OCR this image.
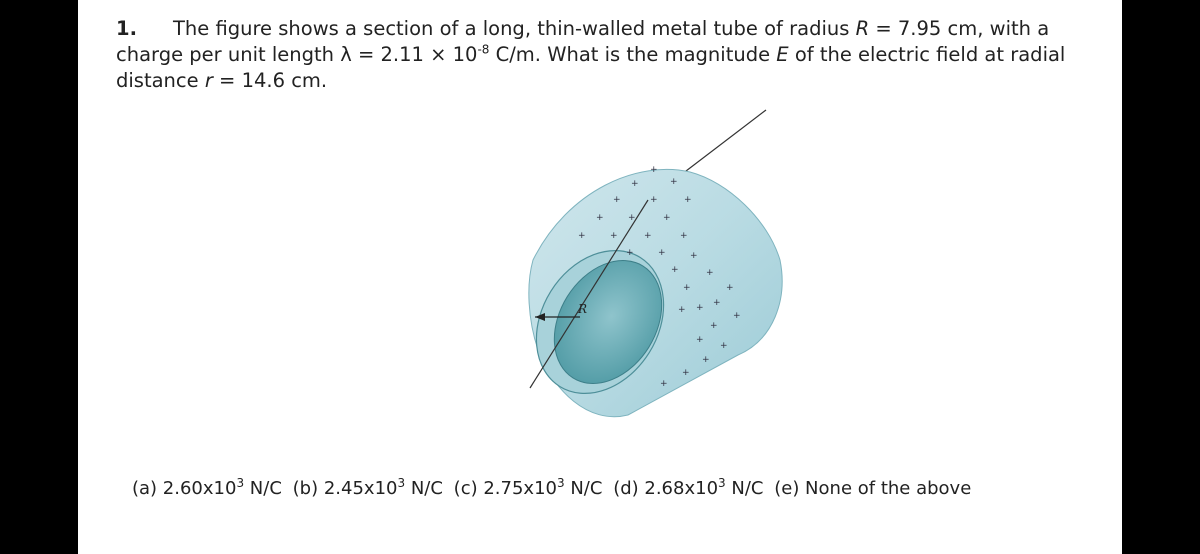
1. The figure shows a section of a long, thin-walled metal tube of radius R = 7.95 cm, with a charge per unit length $\lambda = 2.11 \times 10^{-8}$ C/m. What is the magnitude E of the electric field at radial distance r = 14.6 cm.
R
+
+
+
+	+	+
+	+	+
+	+	+	+
+	+	+
+	+
+
+
+
+
+
+
+
+
+
+
+
+
(a) $2.60x10^3$ N/C (b) $2.45x10^3$ N/C (c) $2.75x10^3$ N/C (d) $2.68x10^3$ N/C (e) None of the above
